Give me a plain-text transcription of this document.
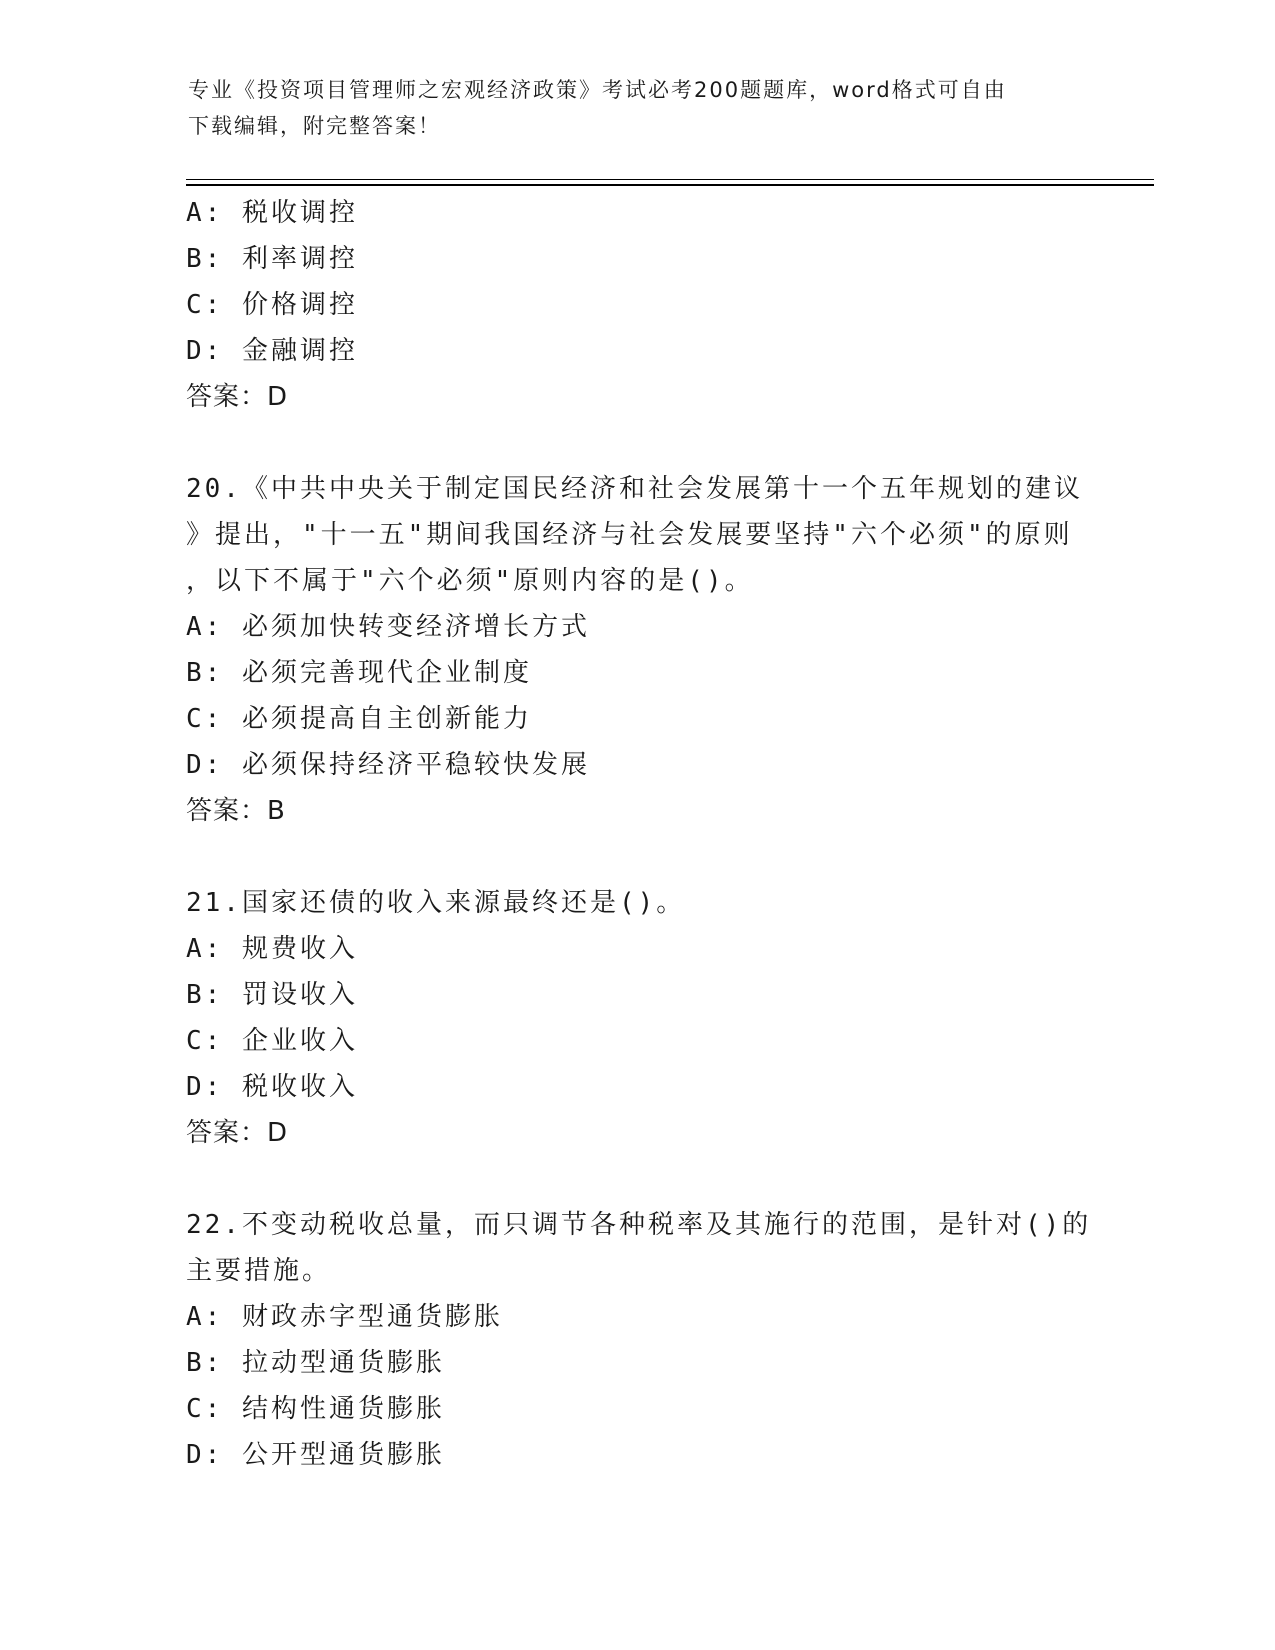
专业《投资项目管理师之宏观经济政策》考试必考200题题库，word格式可自由
下载编辑，附完整答案！
A: 税收调控
B: 利率调控
C: 价格调控
D: 金融调控
答案：D
20.《中共中央关于制定国民经济和社会发展第十一个五年规划的建议
》提出，"十一五"期间我国经济与社会发展要坚持"六个必须"的原则
，以下不属于"六个必须"原则内容的是()。
A: 必须加快转变经济增长方式
B: 必须完善现代企业制度
C: 必须提高自主创新能力
D: 必须保持经济平稳较快发展
答案：B
21.国家还债的收入来源最终还是()。
A: 规费收入
B: 罚设收入
C: 企业收入
D: 税收收入
答案：D
22.不变动税收总量，而只调节各种税率及其施行的范围，是针对()的
主要措施。
A: 财政赤字型通货膨胀
B: 拉动型通货膨胀
C: 结构性通货膨胀
D: 公开型通货膨胀
